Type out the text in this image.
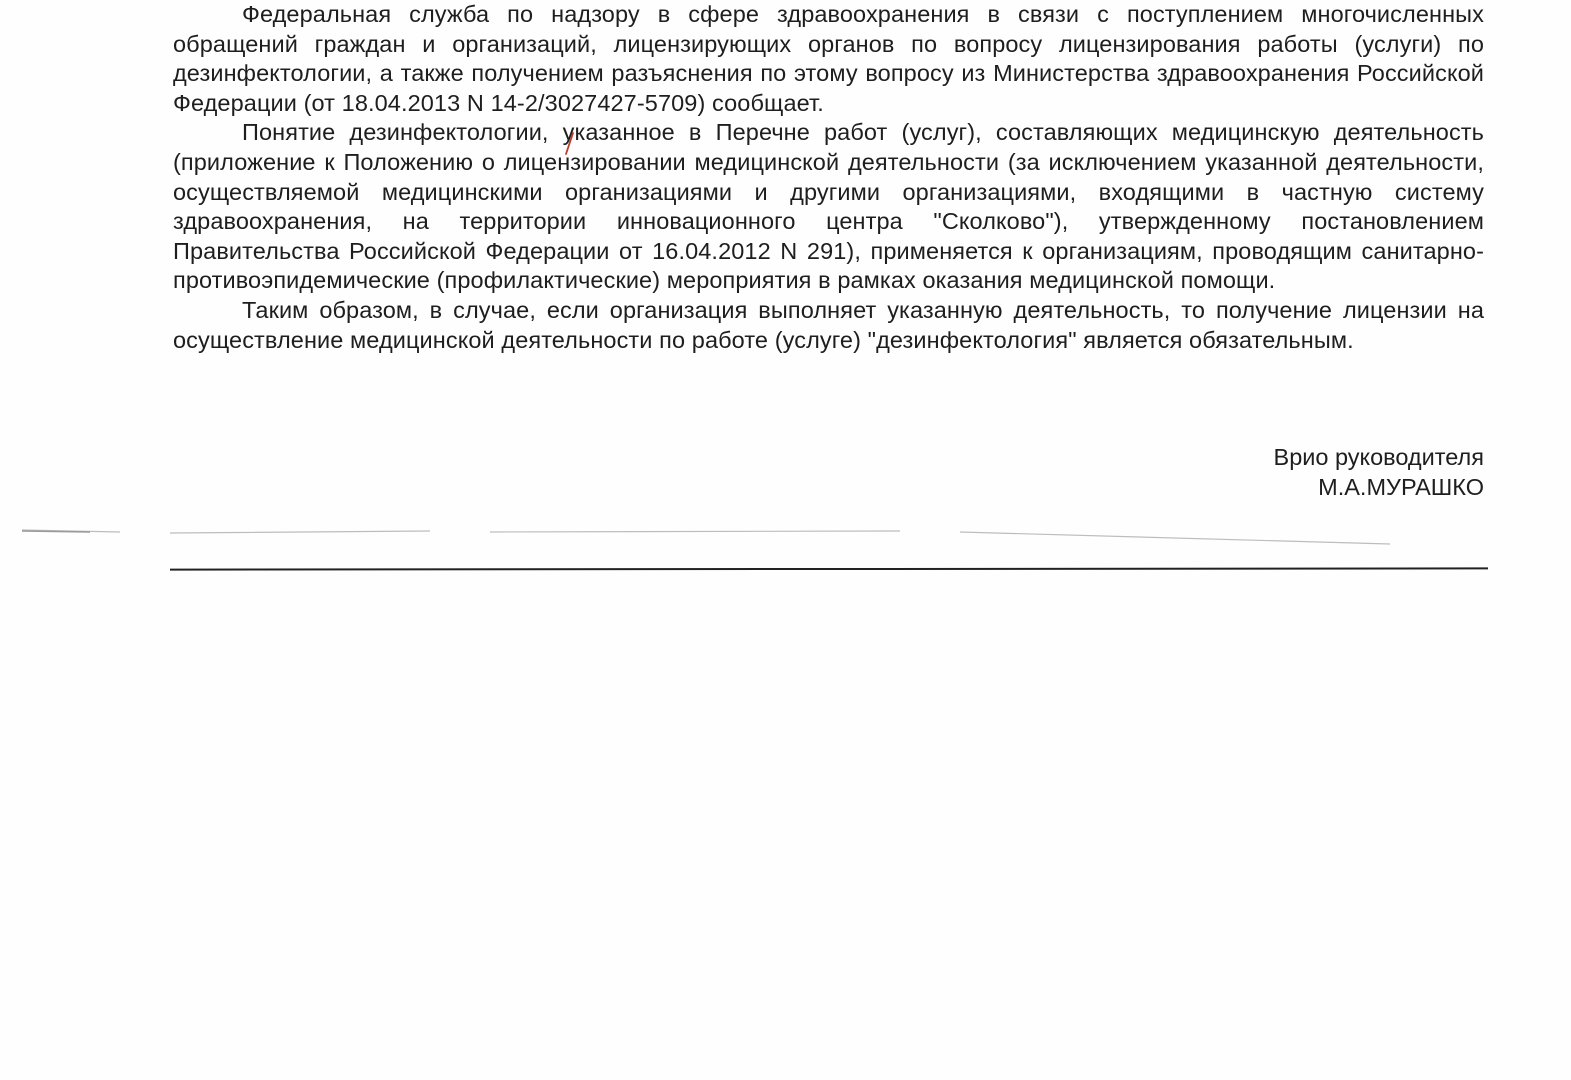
Федеральная служба по надзору в сфере здравоохранения в связи с поступлением многочисленных обращений граждан и организаций, лицензирующих органов по вопросу лицензирования работы (услуги) по дезинфектологии, а также получением разъяснения по этому вопросу из Министерства здравоохранения Российской Федерации (от 18.04.2013 N 14-2/3027427-5709) сообщает.

Понятие дезинфектологии, указанное в Перечне работ (услуг), составляющих медицинскую деятельность (приложение к Положению о лицензировании медицинской деятельности (за исключением указанной деятельности, осуществляемой медицинскими организациями и другими организациями, входящими в частную систему здравоохранения, на территории инновационного центра "Сколково"), утвержденному постановлением Правительства Российской Федерации от 16.04.2012 N 291), применяется к организациям, проводящим санитарно-противоэпидемические (профилактические) мероприятия в рамках оказания медицинской помощи.

Таким образом, в случае, если организация выполняет указанную деятельность, то получение лицензии на осуществление медицинской деятельности по работе (услуге) "дезинфектология" является обязательным.

Врио руководителя
М.А.МУРАШКО
